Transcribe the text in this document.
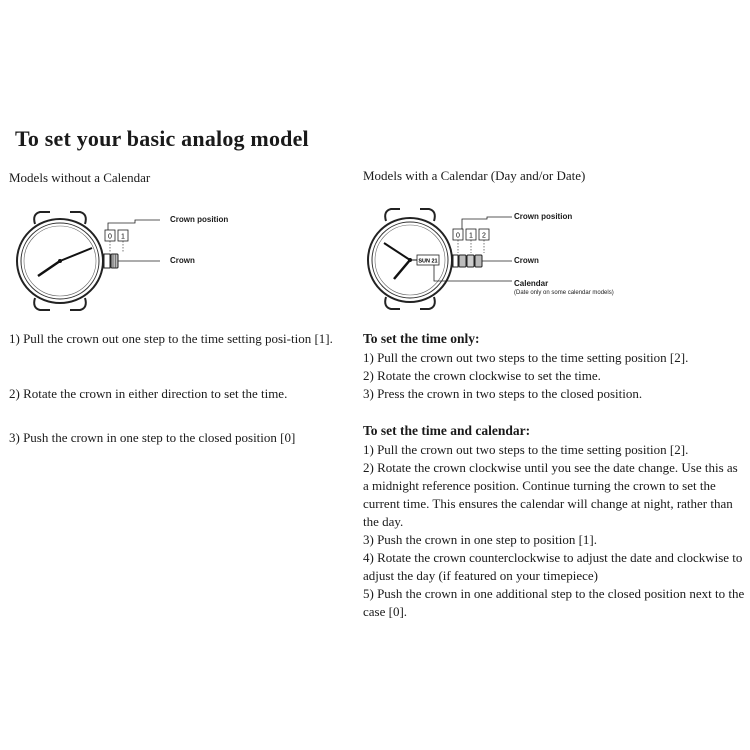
To set your basic analog model
Models without a Calendar
0 1
Crown position
Crown
1) Pull the crown out one step to the time setting posi-tion [1].
2) Rotate the crown in either direction to set the time.
3) Push the crown in one step to the closed position [0]
Models with a Calendar (Day and/or Date)
SUN 21
0 1 2
Crown position
Crown
Calendar
(Date only on some calendar models)
To set the time only:
1) Pull the crown out two steps to the time setting position [2].
2) Rotate the crown clockwise to set the time.
3) Press the crown in two steps to the closed position.
To set the time and calendar:
1) Pull the crown out two steps to the time setting position [2].
2) Rotate the crown clockwise until you see the date change. Use this as a midnight reference position. Continue turning the crown to set the current time. This ensures the calendar will change at night, rather than the day.
3) Push the crown in one step to position [1].
4) Rotate the crown counterclockwise to adjust the date and clockwise to adjust the day (if featured on your timepiece)
5) Push the crown in one additional step to the closed position next to the case [0].
